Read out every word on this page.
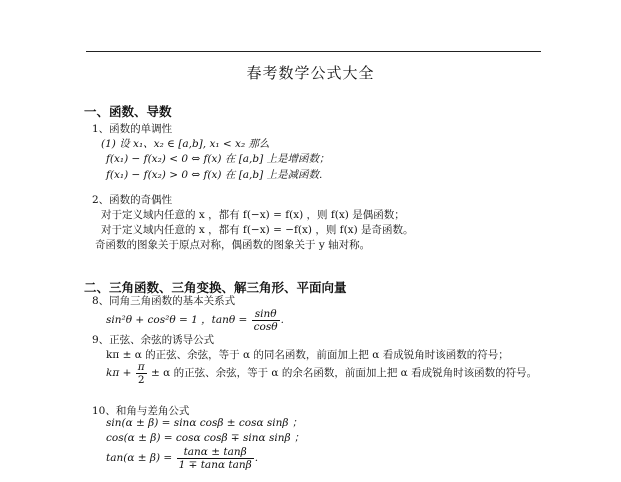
春考数学公式大全
一、函数、导数
1、函数的单调性
(1) 设 x₁、x₂ ∈ [a,b], x₁ < x₂ 那么
f(x₁) − f(x₂) < 0 ⇔ f(x) 在 [a,b] 上是增函数；
f(x₁) − f(x₂) > 0 ⇔ f(x) 在 [a,b] 上是减函数.
2、函数的奇偶性
对于定义域内任意的 x ，都有 f(−x) = f(x) ，则 f(x) 是偶函数；
对于定义域内任意的 x ，都有 f(−x) = −f(x) ，则 f(x) 是奇函数。
奇函数的图象关于原点对称，偶函数的图象关于 y 轴对称。
二、三角函数、三角变换、解三角形、平面向量
8、同角三角函数的基本关系式
sin²θ + cos²θ = 1 ，$\tan\theta = \frac{\sin\theta}{\cos\theta}$ .
9、正弦、余弦的诱导公式
kπ ± α 的正弦、余弦，等于 α 的同名函数，前面加上把 α 看成锐角时该函数的符号；
$k\pi + \frac{\pi}{2} \pm \alpha$ 的正弦、余弦，等于 α 的余名函数，前面加上把 α 看成锐角时该函数的符号。
10、和角与差角公式
sin(α ± β) = sinα cosβ ± cosα sinβ ；
cos(α ± β) = cosα cosβ ∓ sinα sinβ ；
$\tan(\alpha \pm \beta) = \frac{\tan\alpha \pm \tan\beta}{\text{1 ∓ tanα tanβ}}$ .
